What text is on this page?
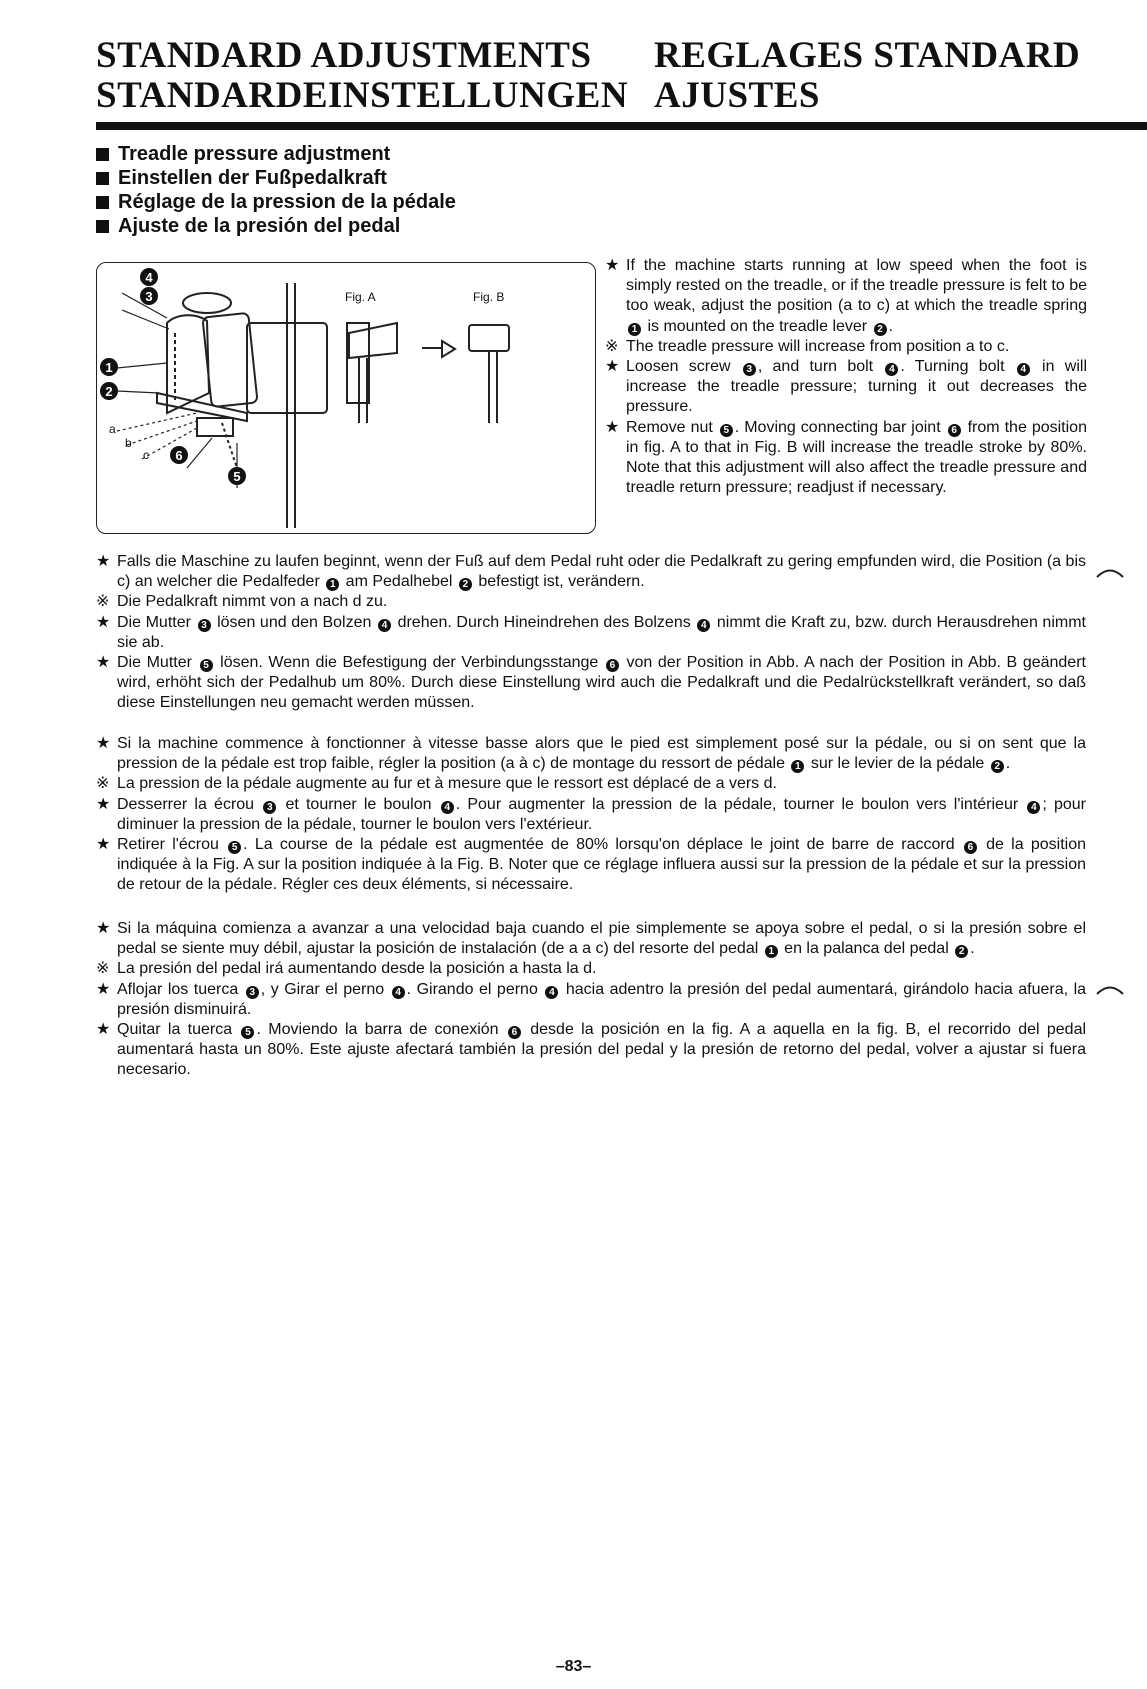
STANDARD ADJUSTMENTS	REGLAGES STANDARD
STANDARDEINSTELLUNGEN AJUSTES
Treadle pressure adjustment
Einstellen der Fußpedalkraft
Réglage de la pression de la pédale
Ajuste de la presión del pedal
Fig. A	Fig. B
4
3
1
2
6
5
a
b
c
★ If the machine starts running at low speed when the foot is simply rested on the treadle, or if the treadle pressure is felt to be too weak, adjust the position (a to c) at which the treadle spring 1 is mounted on the treadle lever 2 .
※ The treadle pressure will increase from position a to c.
★ Loosen screw 3 , and turn bolt 4 . Turning bolt 4 in will increase the treadle pressure; turning it out decreases the pressure.
★ Remove nut 5 . Moving connecting bar joint 6 from the position in fig. A to that in Fig. B will increase the treadle stroke by 80%. Note that this adjustment will also affect the treadle pressure and treadle return pressure; readjust if necessary.
★ Falls die Maschine zu laufen beginnt, wenn der Fuß auf dem Pedal ruht oder die Pedalkraft zu gering empfunden wird, die Position (a bis c) an welcher die Pedalfeder 1 am Pedalhebel 2 befestigt ist, verändern.
※ Die Pedalkraft nimmt von a nach d zu.
★ Die Mutter 3 lösen und den Bolzen 4 drehen. Durch Hineindrehen des Bolzens 4 nimmt die Kraft zu, bzw. durch Herausdrehen nimmt sie ab.
★ Die Mutter 5 lösen. Wenn die Befestigung der Verbindungsstange 6 von der Position in Abb. A nach der Position in Abb. B geändert wird, erhöht sich der Pedalhub um 80%. Durch diese Einstellung wird auch die Pedalkraft und die Pedalrückstellkraft verändert, so daß diese Einstellungen neu gemacht werden müssen.
★ Si la machine commence à fonctionner à vitesse basse alors que le pied est simplement posé sur la pédale, ou si on sent que la pression de la pédale est trop faible, régler la position (a à c) de montage du ressort de pédale 1 sur le levier de la pédale 2 .
※ La pression de la pédale augmente au fur et à mesure que le ressort est déplacé de a vers d.
★ Desserrer la écrou 3 et tourner le boulon 4 . Pour augmenter la pression de la pédale, tourner le boulon vers l'intérieur 4 ; pour diminuer la pression de la pédale, tourner le boulon vers l'extérieur.
★ Retirer l'écrou 5 . La course de la pédale est augmentée de 80% lorsqu'on déplace le joint de barre de raccord 6 de la position indiquée à la Fig. A sur la position indiquée à la Fig. B. Noter que ce réglage influera aussi sur la pression de la pédale et sur la pression de retour de la pédale. Régler ces deux éléments, si nécessaire.
★ Si la máquina comienza a avanzar a una velocidad baja cuando el pie simplemente se apoya sobre el pedal, o si la presión sobre el pedal se siente muy débil, ajustar la posición de instalación (de a a c) del resorte del pedal 1 en la palanca del pedal 2 .
※ La presión del pedal irá aumentando desde la posición a hasta la d.
★ Aflojar los tuerca 3 , y Girar el perno 4 . Girando el perno 4 hacia adentro la presión del pedal aumentará, girándolo hacia afuera, la presión disminuirá.
★ Quitar la tuerca 5 . Moviendo la barra de conexión 6 desde la posición en la fig. A a aquella en la fig. B, el recorrido del pedal aumentará hasta un 80%. Este ajuste afectará también la presión del pedal y la presión de retorno del pedal, volver a ajustar si fuera necesario.
–83–
